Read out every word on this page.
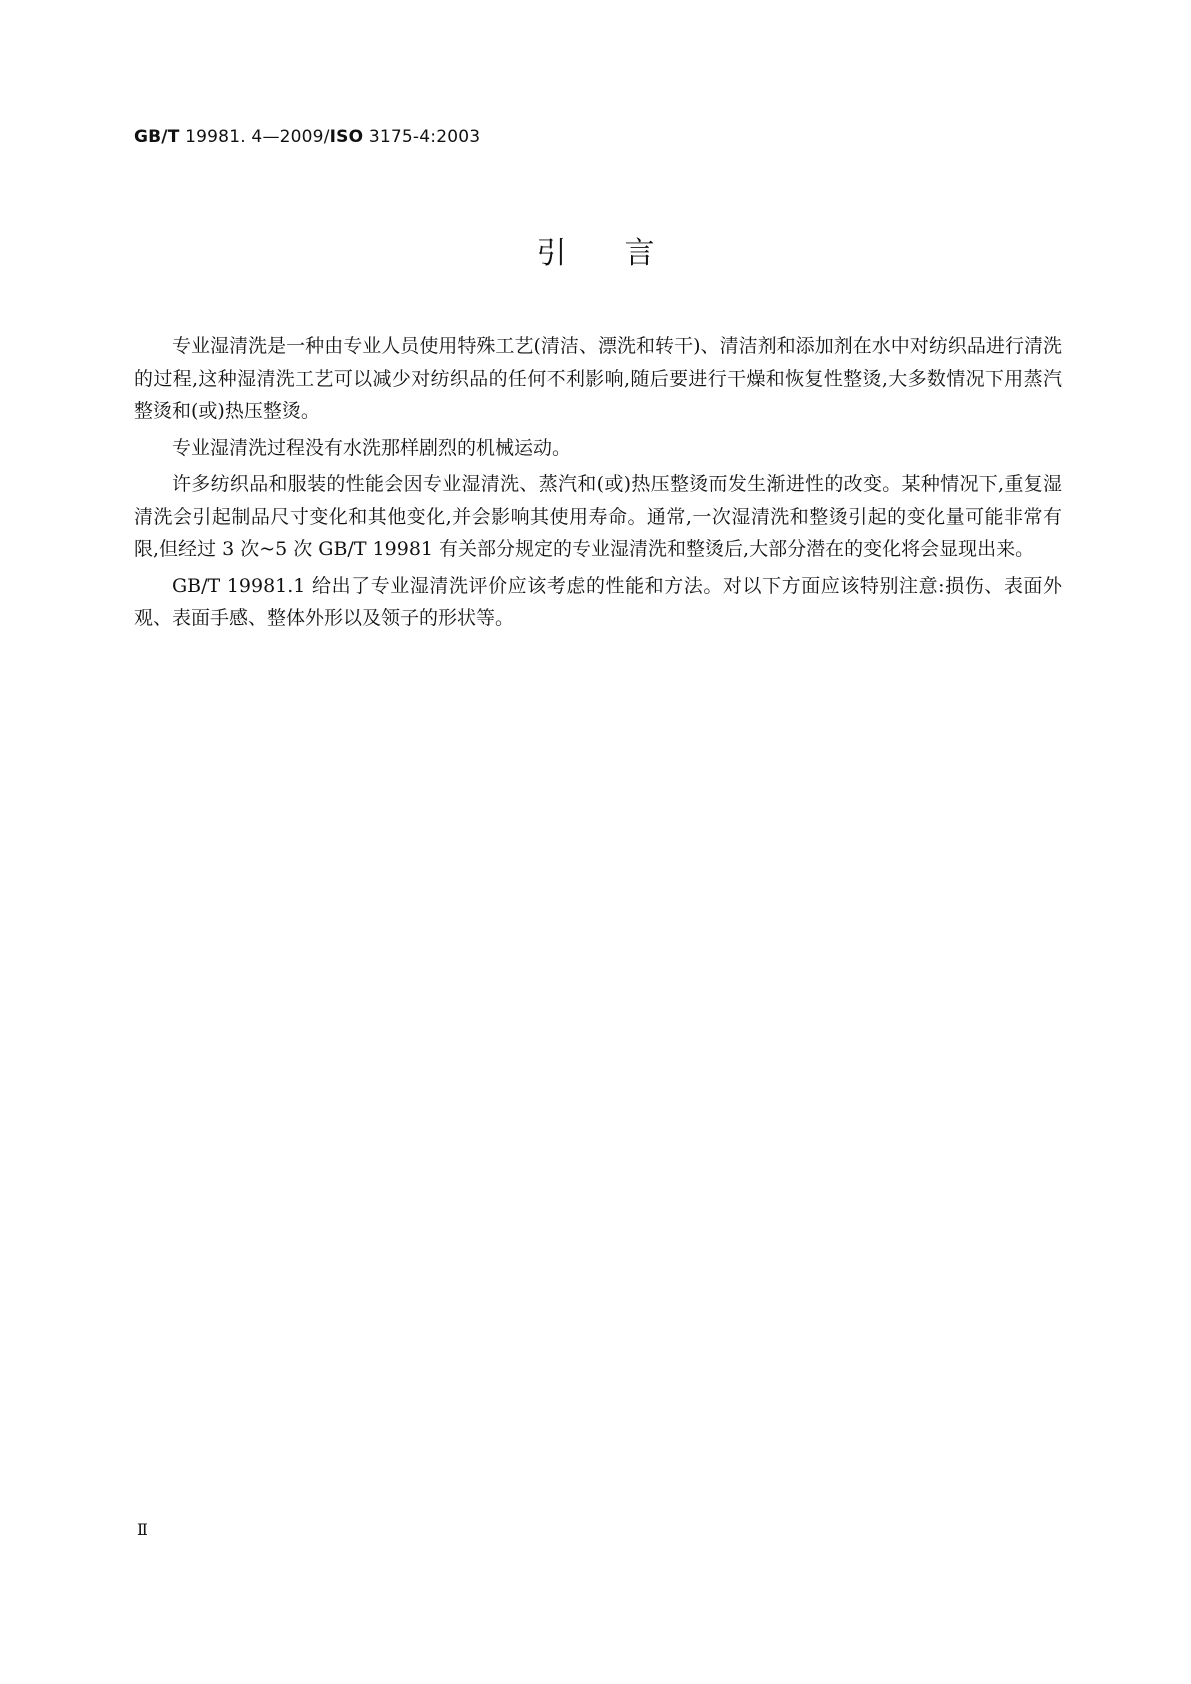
GB/T 19981. 4—2009/ISO 3175-4:2003
引言

专业湿清洗是一种由专业人员使用特殊工艺(清洁、漂洗和转干)、清洁剂和添加剂在水中对纺织品进行清洗的过程,这种湿清洗工艺可以减少对纺织品的任何不利影响,随后要进行干燥和恢复性整烫,大多数情况下用蒸汽整烫和(或)热压整烫。

专业湿清洗过程没有水洗那样剧烈的机械运动。

许多纺织品和服装的性能会因专业湿清洗、蒸汽和(或)热压整烫而发生渐进性的改变。某种情况下,重复湿清洗会引起制品尺寸变化和其他变化,并会影响其使用寿命。通常,一次湿清洗和整烫引起的变化量可能非常有限,但经过 3 次~5 次 GB/T 19981 有关部分规定的专业湿清洗和整烫后,大部分潜在的变化将会显现出来。

GB/T 19981.1 给出了专业湿清洗评价应该考虑的性能和方法。对以下方面应该特别注意:损伤、表面外观、表面手感、整体外形以及领子的形状等。

Ⅱ
